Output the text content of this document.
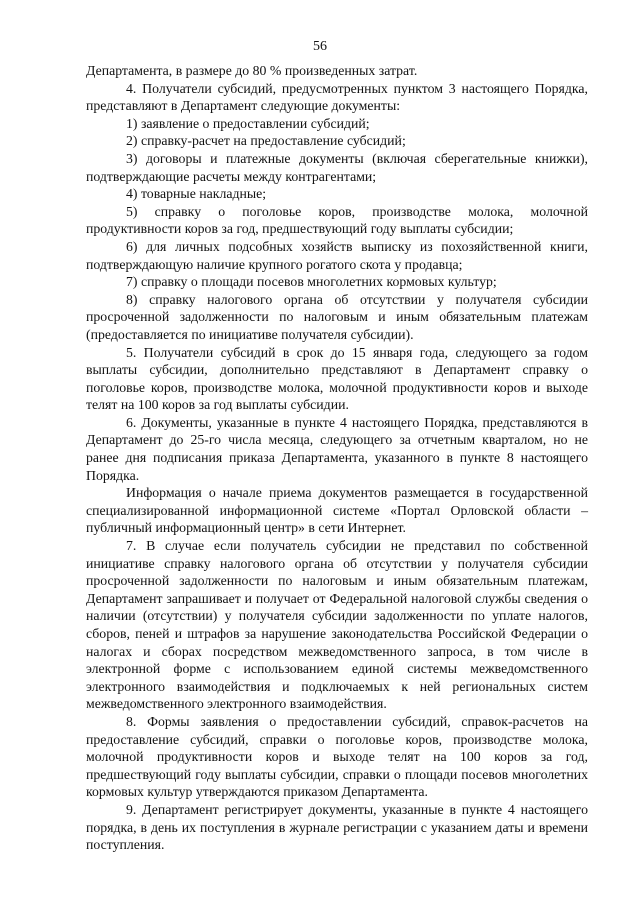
56

Департамента, в размере до 80 % произведенных затрат.

4. Получатели субсидий, предусмотренных пунктом 3 настоящего Порядка, представляют в Департамент следующие документы:

1) заявление о предоставлении субсидий;

2) справку-расчет на предоставление субсидий;

3) договоры и платежные документы (включая сберегательные книжки), подтверждающие расчеты между контрагентами;

4) товарные накладные;

5) справку о поголовье коров, производстве молока, молочной продуктивности коров за год, предшествующий году выплаты субсидии;

6) для личных подсобных хозяйств выписку из похозяйственной книги, подтверждающую наличие крупного рогатого скота у продавца;

7) справку о площади посевов многолетних кормовых культур;

8) справку налогового органа об отсутствии у получателя субсидии просроченной задолженности по налоговым и иным обязательным платежам (предоставляется по инициативе получателя субсидии).

5. Получатели субсидий в срок до 15 января года, следующего за годом выплаты субсидии, дополнительно представляют в Департамент справку о поголовье коров, производстве молока, молочной продуктивности коров и выходе телят на 100 коров за год выплаты субсидии.

6. Документы, указанные в пункте 4 настоящего Порядка, представляются в Департамент до 25-го числа месяца, следующего за отчетным кварталом, но не ранее дня подписания приказа Департамента, указанного в пункте 8 настоящего Порядка.

Информация о начале приема документов размещается в государственной специализированной информационной системе «Портал Орловской области – публичный информационный центр» в сети Интернет.

7. В случае если получатель субсидии не представил по собственной инициативе справку налогового органа об отсутствии у получателя субсидии просроченной задолженности по налоговым и иным обязательным платежам, Департамент запрашивает и получает от Федеральной налоговой службы сведения о наличии (отсутствии) у получателя субсидии задолженности по уплате налогов, сборов, пеней и штрафов за нарушение законодательства Российской Федерации о налогах и сборах посредством межведомственного запроса, в том числе в электронной форме с использованием единой системы межведомственного электронного взаимодействия и подключаемых к ней региональных систем межведомственного электронного взаимодействия.

8. Формы заявления о предоставлении субсидий, справок-расчетов на предоставление субсидий, справки о поголовье коров, производстве молока, молочной продуктивности коров и выходе телят на 100 коров за год, предшествующий году выплаты субсидии, справки о площади посевов многолетних кормовых культур утверждаются приказом Департамента.

9. Департамент регистрирует документы, указанные в пункте 4 настоящего порядка, в день их поступления в журнале регистрации с указанием даты и времени поступления.
